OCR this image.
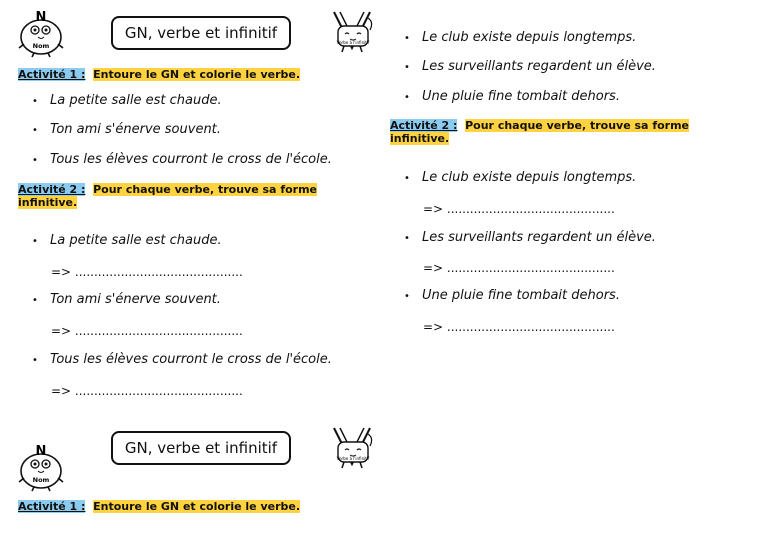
N
Nom
GN, verbe et infinitif
Verbe à l'infinitif
Activité 1 : Entoure le GN et colorie le verbe.
• La petite salle est chaude.
• Ton ami s'énerve souvent.
• Tous les élèves courront le cross de l'école.
Activité 2 : Pour chaque verbe, trouve sa forme
infinitive.
• La petite salle est chaude.
=> ............................................
• Ton ami s'énerve souvent.
=> ............................................
• Tous les élèves courront le cross de l'école.
=> ............................................
• Le club existe depuis longtemps.
• Les surveillants regardent un élève.
• Une pluie fine tombait dehors.
Activité 2 : Pour chaque verbe, trouve sa forme
infinitive.
• Le club existe depuis longtemps.
=> ............................................
• Les surveillants regardent un élève.
=> ............................................
• Une pluie fine tombait dehors.
=> ............................................
N
Nom
GN, verbe et infinitif
Verbe à l'infinitif
Activité 1 : Entoure le GN et colorie le verbe.
